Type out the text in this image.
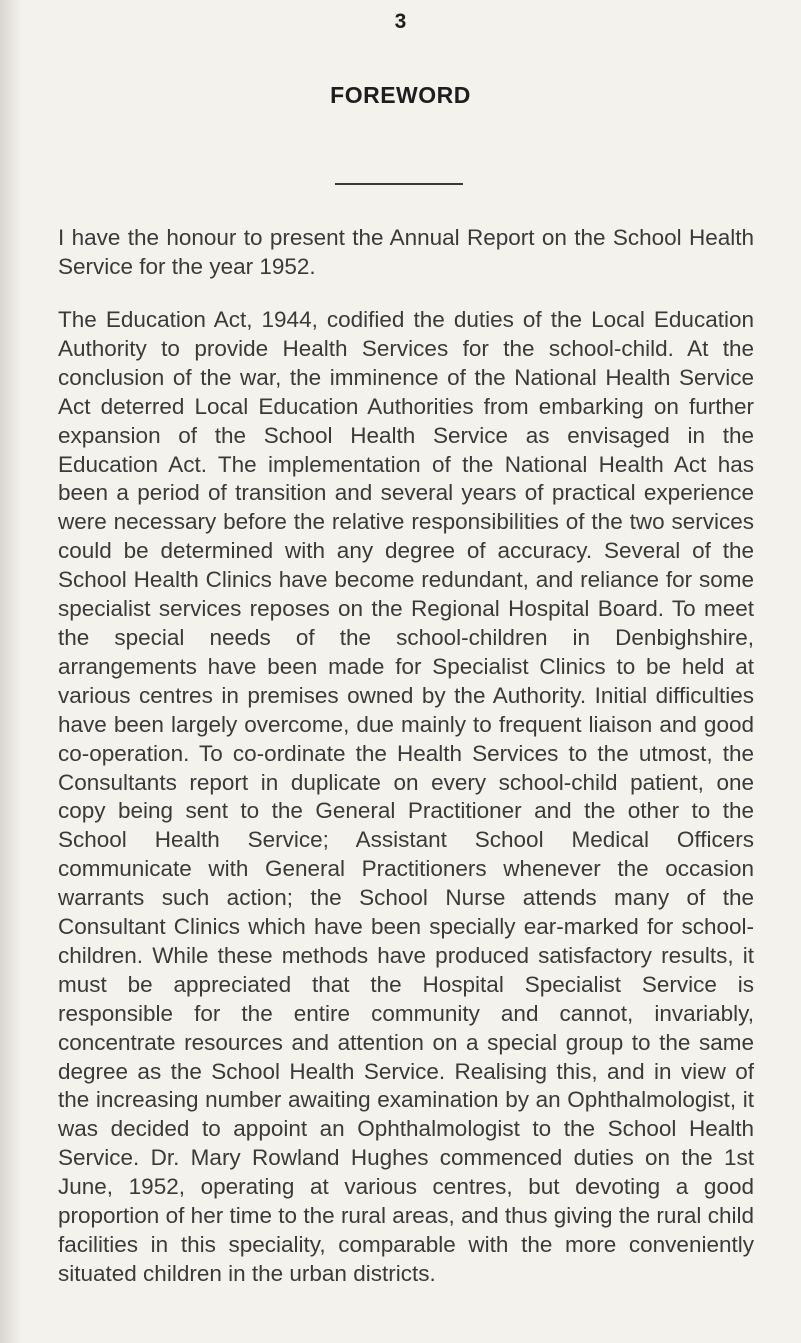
3
FOREWORD

I have the honour to present the Annual Report on the School Health Service for the year 1952.

The Education Act, 1944, codified the duties of the Local Education Authority to provide Health Services for the school-child. At the conclusion of the war, the imminence of the National Health Service Act deterred Local Education Authorities from embarking on further expansion of the School Health Service as envisaged in the Education Act. The implementation of the National Health Act has been a period of transition and several years of practical experience were necessary before the relative responsibilities of the two services could be determined with any degree of accuracy. Several of the School Health Clinics have become redundant, and reliance for some specialist services reposes on the Regional Hospital Board. To meet the special needs of the school-children in Denbighshire, arrangements have been made for Specialist Clinics to be held at various centres in premises owned by the Authority. Initial difficulties have been largely overcome, due mainly to frequent liaison and good co-operation. To co-ordinate the Health Services to the utmost, the Consultants report in duplicate on every school-child patient, one copy being sent to the General Practitioner and the other to the School Health Service; Assistant School Medical Officers communicate with General Practitioners whenever the occasion warrants such action; the School Nurse attends many of the Consultant Clinics which have been specially ear-marked for school-children. While these methods have produced satisfactory results, it must be appreciated that the Hospital Specialist Service is responsible for the entire community and cannot, invariably, concentrate resources and attention on a special group to the same degree as the School Health Service. Realising this, and in view of the increasing number awaiting examination by an Ophthalmologist, it was decided to appoint an Ophthalmologist to the School Health Service. Dr. Mary Rowland Hughes commenced duties on the 1st June, 1952, operating at various centres, but devoting a good proportion of her time to the rural areas, and thus giving the rural child facilities in this speciality, comparable with the more conveniently situated children in the urban districts.
